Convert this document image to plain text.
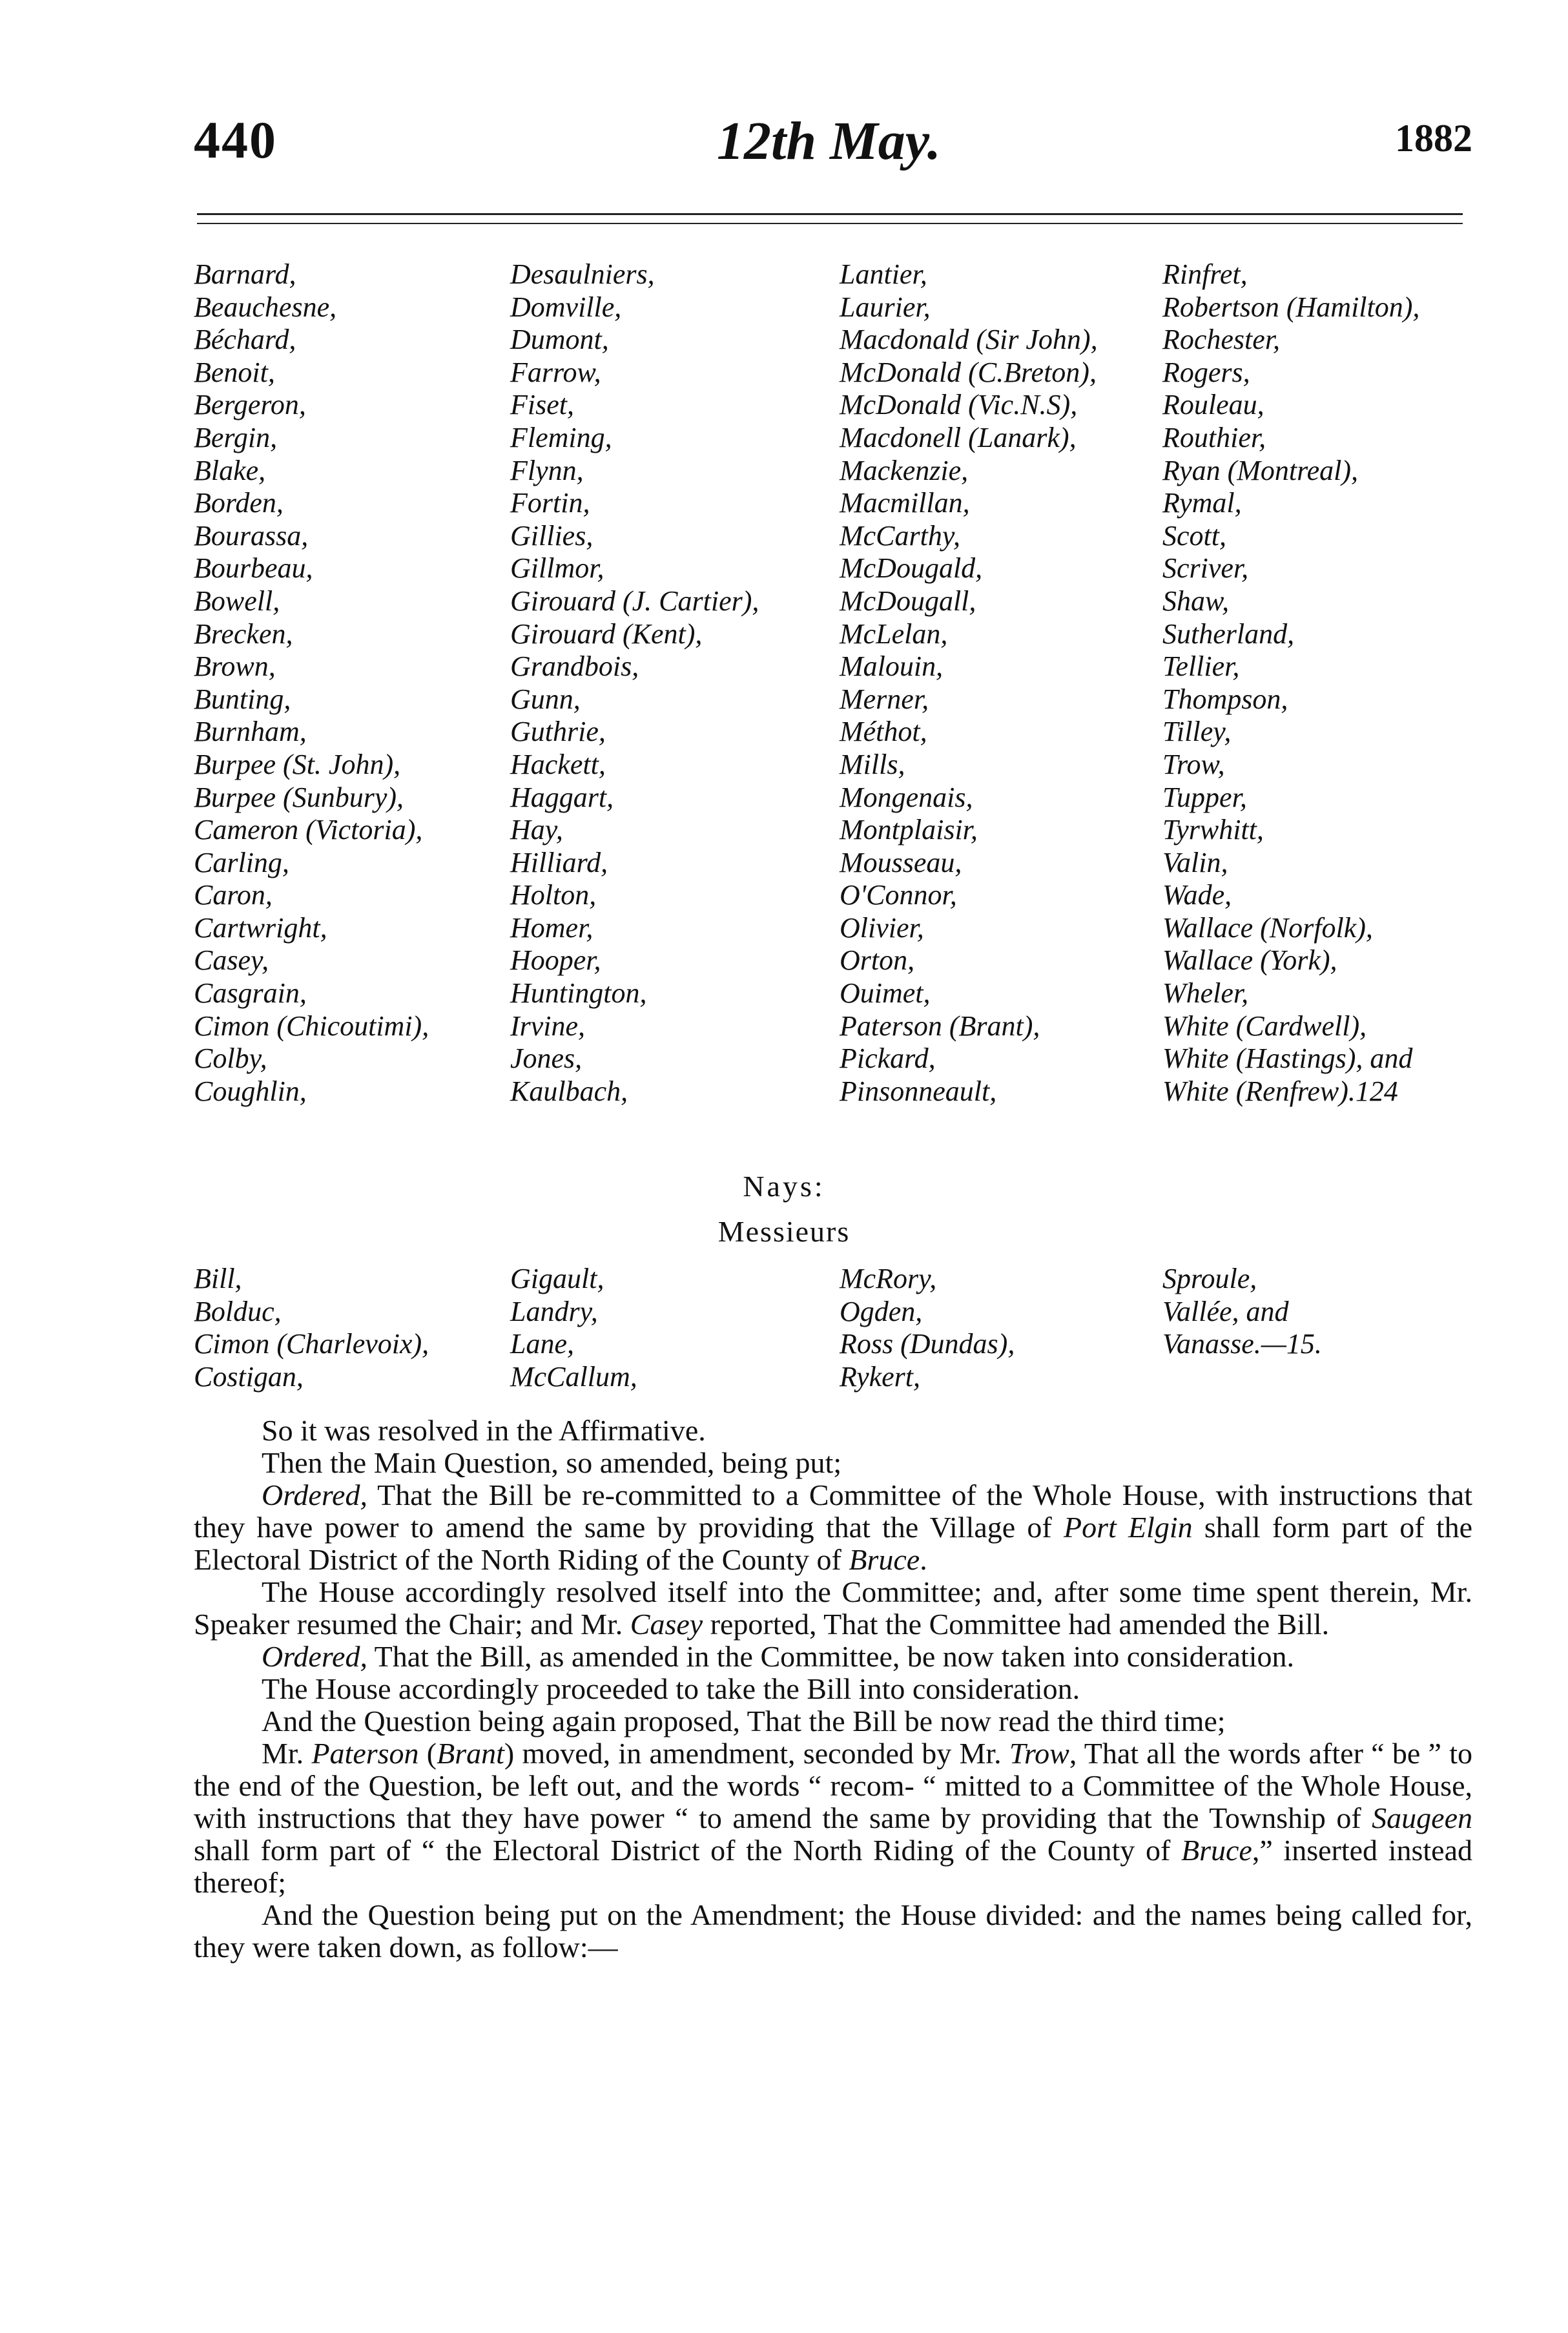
440	12th May.	1882
Barnard,	Desaulniers,	Lantier,	Rinfret,
Beauchesne,	Domville,	Laurier,	Robertson (Hamilton),
Béchard,	Dumont,	Macdonald (Sir John),	Rochester,
Benoit,	Farrow,	McDonald (C.Breton),	Rogers,
Bergeron,	Fiset,	McDonald (Vic.N.S),	Rouleau,
Bergin,	Fleming,	Macdonell (Lanark),	Routhier,
Blake,	Flynn,	Mackenzie,	Ryan (Montreal),
Borden,	Fortin,	Macmillan,	Rymal,
Bourassa,	Gillies,	McCarthy,	Scott,
Bourbeau,	Gillmor,	McDougald,	Scriver,
Bowell,	Girouard (J. Cartier),	McDougall,	Shaw,
Brecken,	Girouard (Kent),	McLelan,	Sutherland,
Brown,	Grandbois,	Malouin,	Tellier,
Bunting,	Gunn,	Merner,	Thompson,
Burnham,	Guthrie,	Méthot,	Tilley,
Burpee (St. John),	Hackett,	Mills,	Trow,
Burpee (Sunbury),	Haggart,	Mongenais,	Tupper,
Cameron (Victoria),	Hay,	Montplaisir,	Tyrwhitt,
Carling,	Hilliard,	Mousseau,	Valin,
Caron,	Holton,	O'Connor,	Wade,
Cartwright,	Homer,	Olivier,	Wallace (Norfolk),
Casey,	Hooper,	Orton,	Wallace (York),
Casgrain,	Huntington,	Ouimet,	Wheler,
Cimon (Chicoutimi),	Irvine,	Paterson (Brant),	White (Cardwell),
Colby,	Jones,	Pickard,	White (Hastings), and
Coughlin,	Kaulbach,	Pinsonneault,	White (Renfrew).124
Nays:
Messieurs
Bill,	Gigault,	McRory,	Sproule,
Bolduc,	Landry,	Ogden,	Vallée, and
Cimon (Charlevoix),	Lane,	Ross (Dundas),	Vanasse.—15.
Costigan,	McCallum,	Rykert,	

So it was resolved in the Affirmative.

Then the Main Question, so amended, being put;

Ordered, That the Bill be re-committed to a Committee of the Whole House, with instructions that they have power to amend the same by providing that the Village of Port Elgin shall form part of the Electoral District of the North Riding of the County of Bruce.

The House accordingly resolved itself into the Committee; and, after some time spent therein, Mr. Speaker resumed the Chair; and Mr. Casey reported, That the Committee had amended the Bill.

Ordered, That the Bill, as amended in the Committee, be now taken into consideration.

The House accordingly proceeded to take the Bill into consideration.

And the Question being again proposed, That the Bill be now read the third time;

Mr. Paterson (Brant) moved, in amendment, seconded by Mr. Trow, That all the words after “ be ” to the end of the Question, be left out, and the words “ recom- “ mitted to a Committee of the Whole House, with instructions that they have power “ to amend the same by providing that the Township of Saugeen shall form part of “ the Electoral District of the North Riding of the County of Bruce,” inserted instead thereof;

And the Question being put on the Amendment; the House divided: and the names being called for, they were taken down, as follow:—
